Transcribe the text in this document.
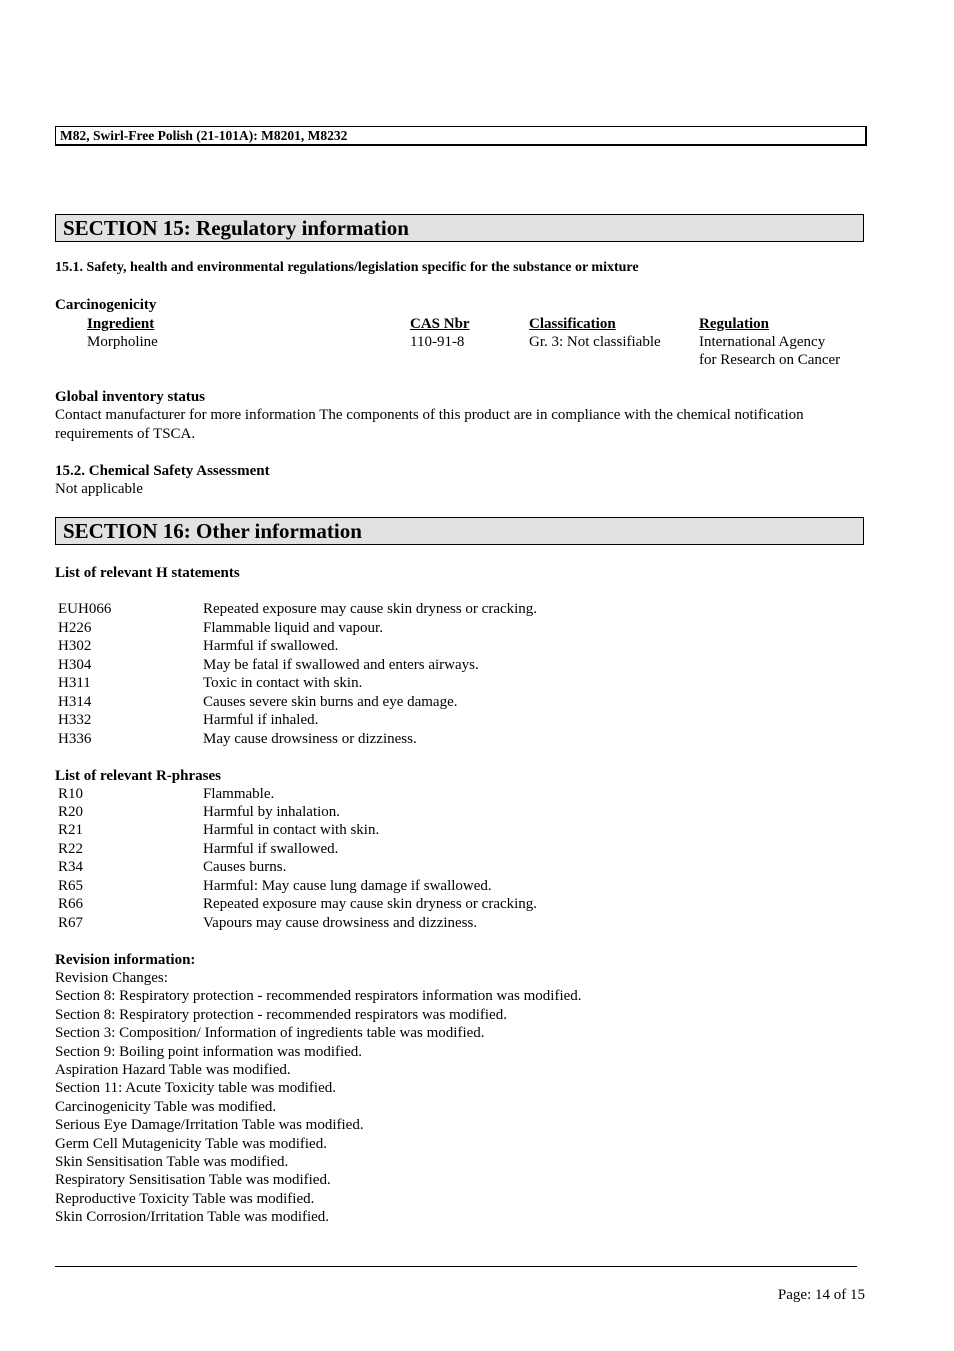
M82, Swirl-Free Polish (21-101A): M8201, M8232
SECTION 15: Regulatory information
15.1. Safety, health and environmental regulations/legislation specific for the substance or mixture
Carcinogenicity
Ingredient	CAS Nbr	Classification	Regulation
Morpholine	110-91-8	Gr. 3: Not classifiable	International Agency
for Research on Cancer
Global inventory status
Contact manufacturer for more information The components of this product are in compliance with the chemical notification
requirements of TSCA.
15.2. Chemical Safety Assessment
Not applicable
SECTION 16: Other information
List of relevant H statements
EUH066	Repeated exposure may cause skin dryness or cracking.
H226	Flammable liquid and vapour.
H302	Harmful if swallowed.
H304	May be fatal if swallowed and enters airways.
H311	Toxic in contact with skin.
H314	Causes severe skin burns and eye damage.
H332	Harmful if inhaled.
H336	May cause drowsiness or dizziness.
List of relevant R-phrases
R10	Flammable.
R20	Harmful by inhalation.
R21	Harmful in contact with skin.
R22	Harmful if swallowed.
R34	Causes burns.
R65	Harmful: May cause lung damage if swallowed.
R66	Repeated exposure may cause skin dryness or cracking.
R67	Vapours may cause drowsiness and dizziness.
Revision information:
Revision Changes:
Section 8: Respiratory protection - recommended respirators information was modified.
Section 8: Respiratory protection - recommended respirators was modified.
Section 3: Composition/ Information of ingredients table was modified.
Section 9: Boiling point information was modified.
Aspiration Hazard Table was modified.
Section 11: Acute Toxicity table was modified.
Carcinogenicity Table was modified.
Serious Eye Damage/Irritation Table was modified.
Germ Cell Mutagenicity Table was modified.
Skin Sensitisation Table was modified.
Respiratory Sensitisation Table was modified.
Reproductive Toxicity Table was modified.
Skin Corrosion/Irritation Table was modified.
Page: 14 of 15
